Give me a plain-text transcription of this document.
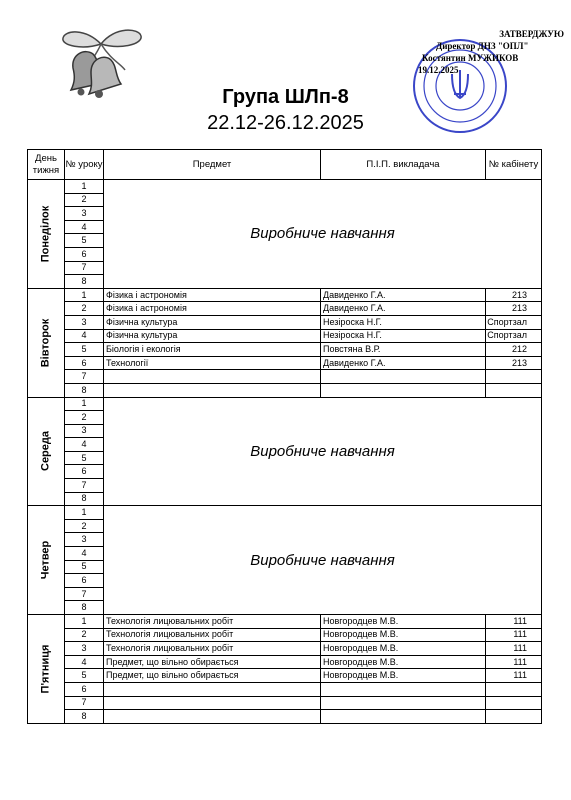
ЗАТВЕРДЖУЮ
Директор ДНЗ "ОПЛ"
Костянтин МУЖИКОВ
19.12.2025
Група ШЛп-8
22.12-26.12.2025
День тижня	№ уроку	Предмет	П.І.П. викладача	№ кабінету

Понеділок	1	Виробниче навчання		
	2			
	3			
	4			
	5			
	6			
	7			
	8			

Вівторок	1	Фізика і астрономія	Давиденко Г.А.	213
	2	Фізика і астрономія	Давиденко Г.А.	213
	3	Фізична культура	Незіроска Н.Г.	Спортзал
	4	Фізична культура	Незіроска Н.Г.	Спортзал
	5	Біологія і екологія	Повстяна В.Р.	212
	6	Технології	Давиденко Г.А.	213
	7			
	8			

Середа	1	Виробниче навчання		
	2			
	3			
	4			
	5			
	6			
	7			
	8			

Четвер	1	Виробниче навчання		
	2			
	3			
	4			
	5			
	6			
	7			
	8			

П'ятниця	1	Технологія лицювальних робіт	Новгородцев М.В.	111
	2	Технологія лицювальних робіт	Новгородцев М.В.	111
	3	Технологія лицювальних робіт	Новгородцев М.В.	111
	4	Предмет, що вільно обирається	Новгородцев М.В.	111
	5	Предмет, що вільно обирається	Новгородцев М.В.	111
	6			
	7			
	8			
